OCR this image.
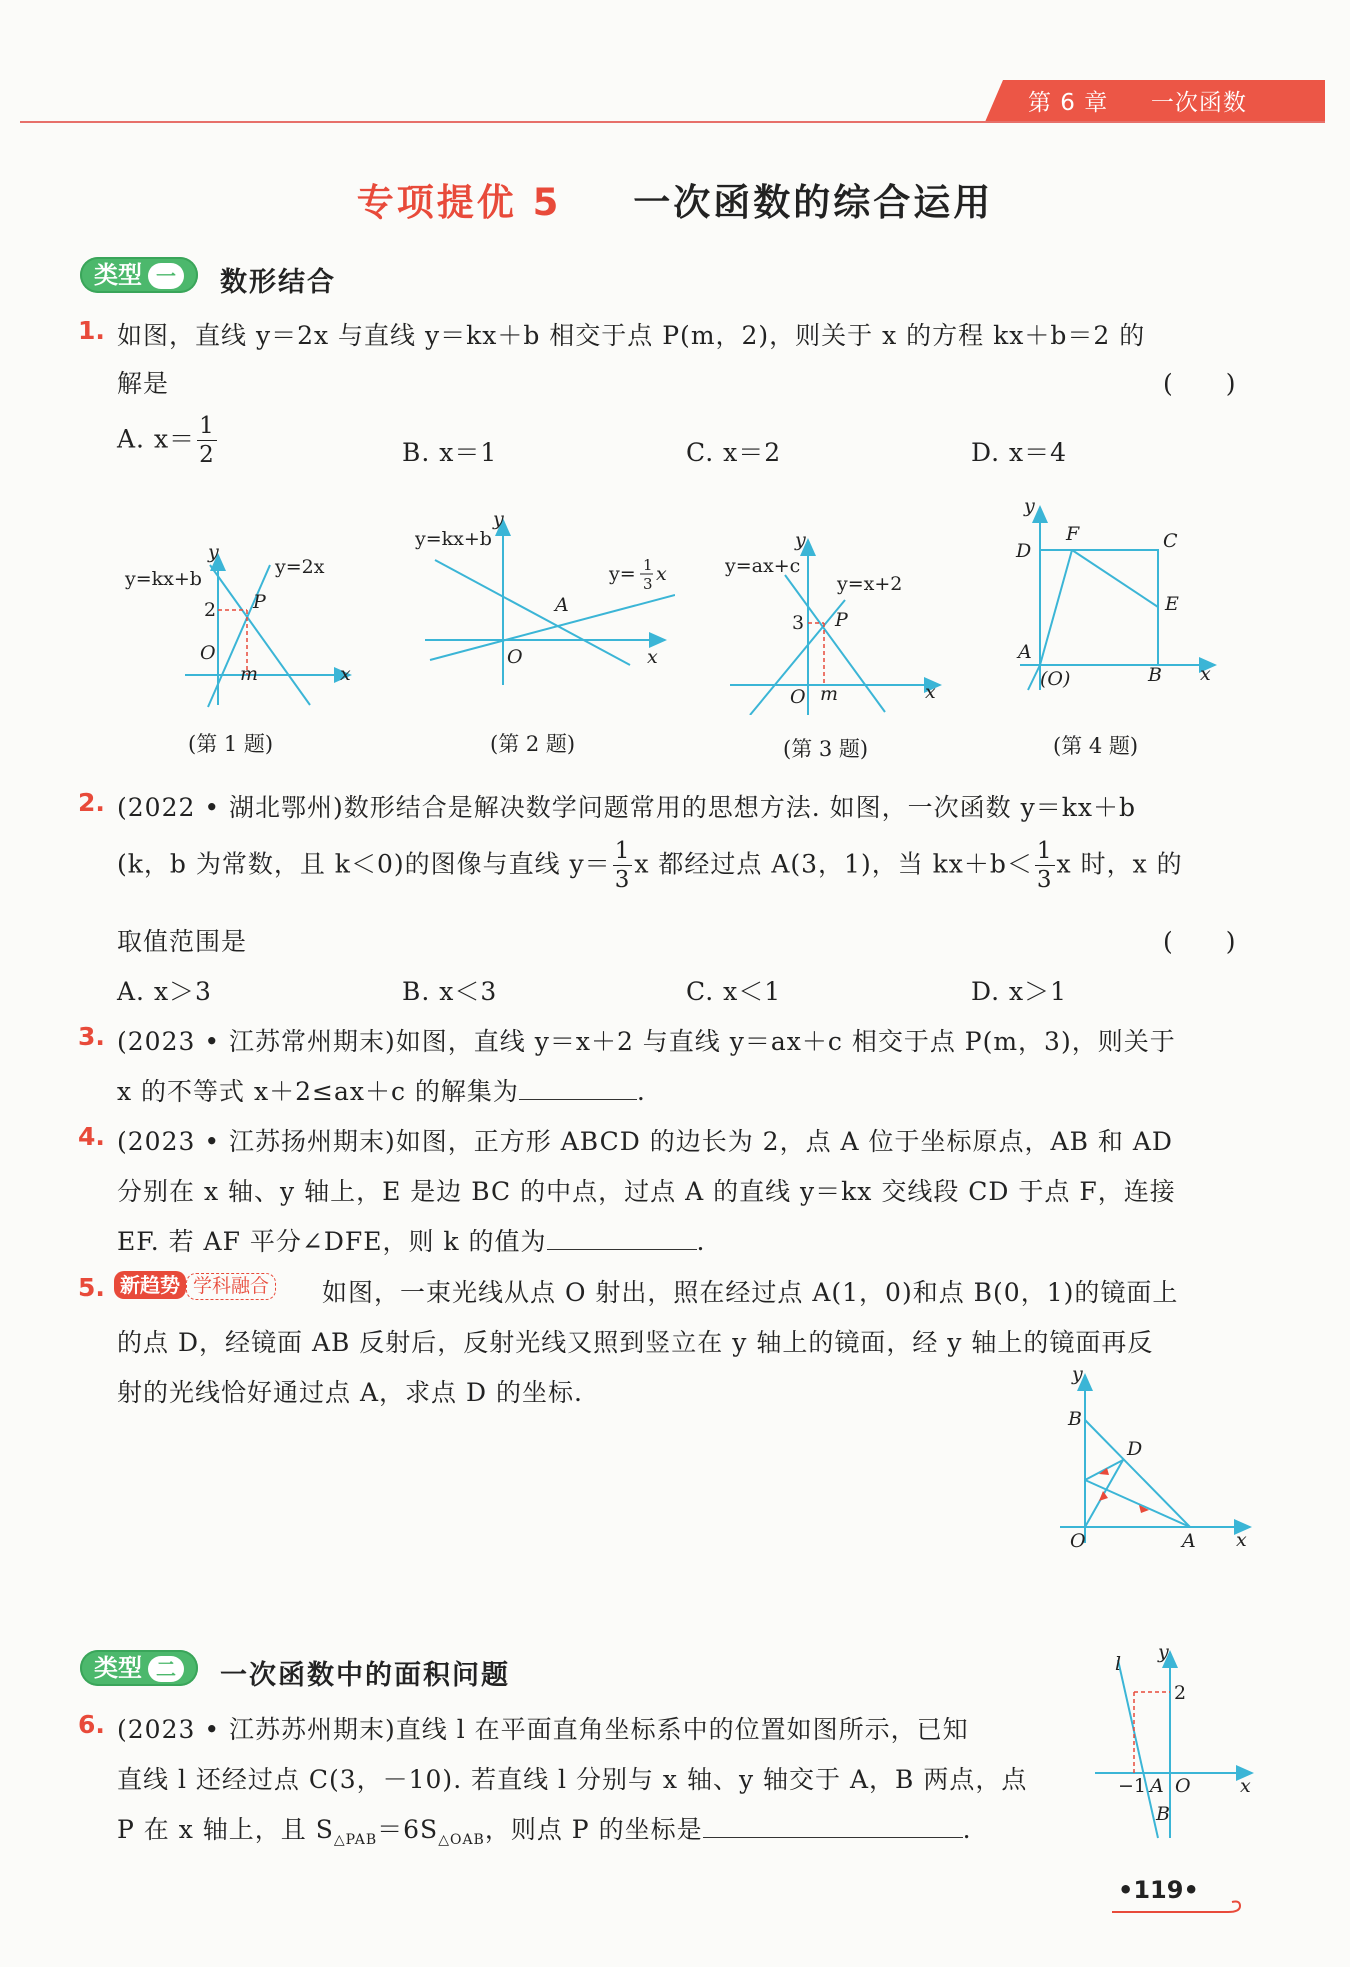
第 6 章 一次函数
专项提优 5 一次函数的综合运用
类型 一	数形结合
1. 如图，直线 y＝2x 与直线 y＝kx＋b 相交于点 P(m，2)，则关于 x 的方程 kx＋b＝2 的
解是	(　　)
A. $x= \frac{1}{2}$	B. x＝1	C. x＝2	D. x＝4
y=kx+b
y=2x
y
x
O
P
2
m
y=kx+b
y= 1
3 x
y
x
O
A
y=ax+c
y=x+2
y
x
O
P
3
m
y
x
D
F	C
E
A
(O)	B
(第 1 题)	(第 2 题)	(第 3 题)	(第 4 题)
2. (2022 • 湖北鄂州)数形结合是解决数学问题常用的思想方法. 如图，一次函数 y＝kx＋b
(k，b 为常数，且 k＜0)的图像与直线 $y= \frac{1}{3}$ x 都经过点 A(3，1)，当 $kx+b< \frac{1}{3}$ x 时，x 的
取值范围是	(　　)
A. x＞3	B. x＜3	C. x＜1	D. x＞1
3. (2023 • 江苏常州期末)如图，直线 y＝x＋2 与直线 y＝ax＋c 相交于点 P(m，3)，则关于
x 的不等式 x＋2≤ax＋c 的解集为	.
4. (2023 • 江苏扬州期末)如图，正方形 ABCD 的边长为 2，点 A 位于坐标原点，AB 和 AD
分别在 x 轴、y 轴上，E 是边 BC 的中点，过点 A 的直线 y＝kx 交线段 CD 于点 F，连接
EF. 若 AF 平分∠DFE，则 k 的值为	.
5. 新趋势 学科融合 如图，一束光线从点 O 射出，照在经过点 A(1，0)和点 B(0，1)的镜面上
的点 D，经镜面 AB 反射后，反射光线又照到竖立在 y 轴上的镜面，经 y 轴上的镜面再反
射的光线恰好通过点 A，求点 D 的坐标.
y
x
O	A
B
D
类型 二	一次函数中的面积问题
6. (2023 • 江苏苏州期末)直线 l 在平面直角坐标系中的位置如图所示，已知
直线 l 还经过点 C(3，－10). 若直线 l 分别与 x 轴、y 轴交于 A，B 两点，点
P 在 x 轴上，且 $S_{\triangle PAB}=6S_{\triangle OAB}$，则点 P 的坐标是	.
l
y
x
2
−1 A O
B
•119•
